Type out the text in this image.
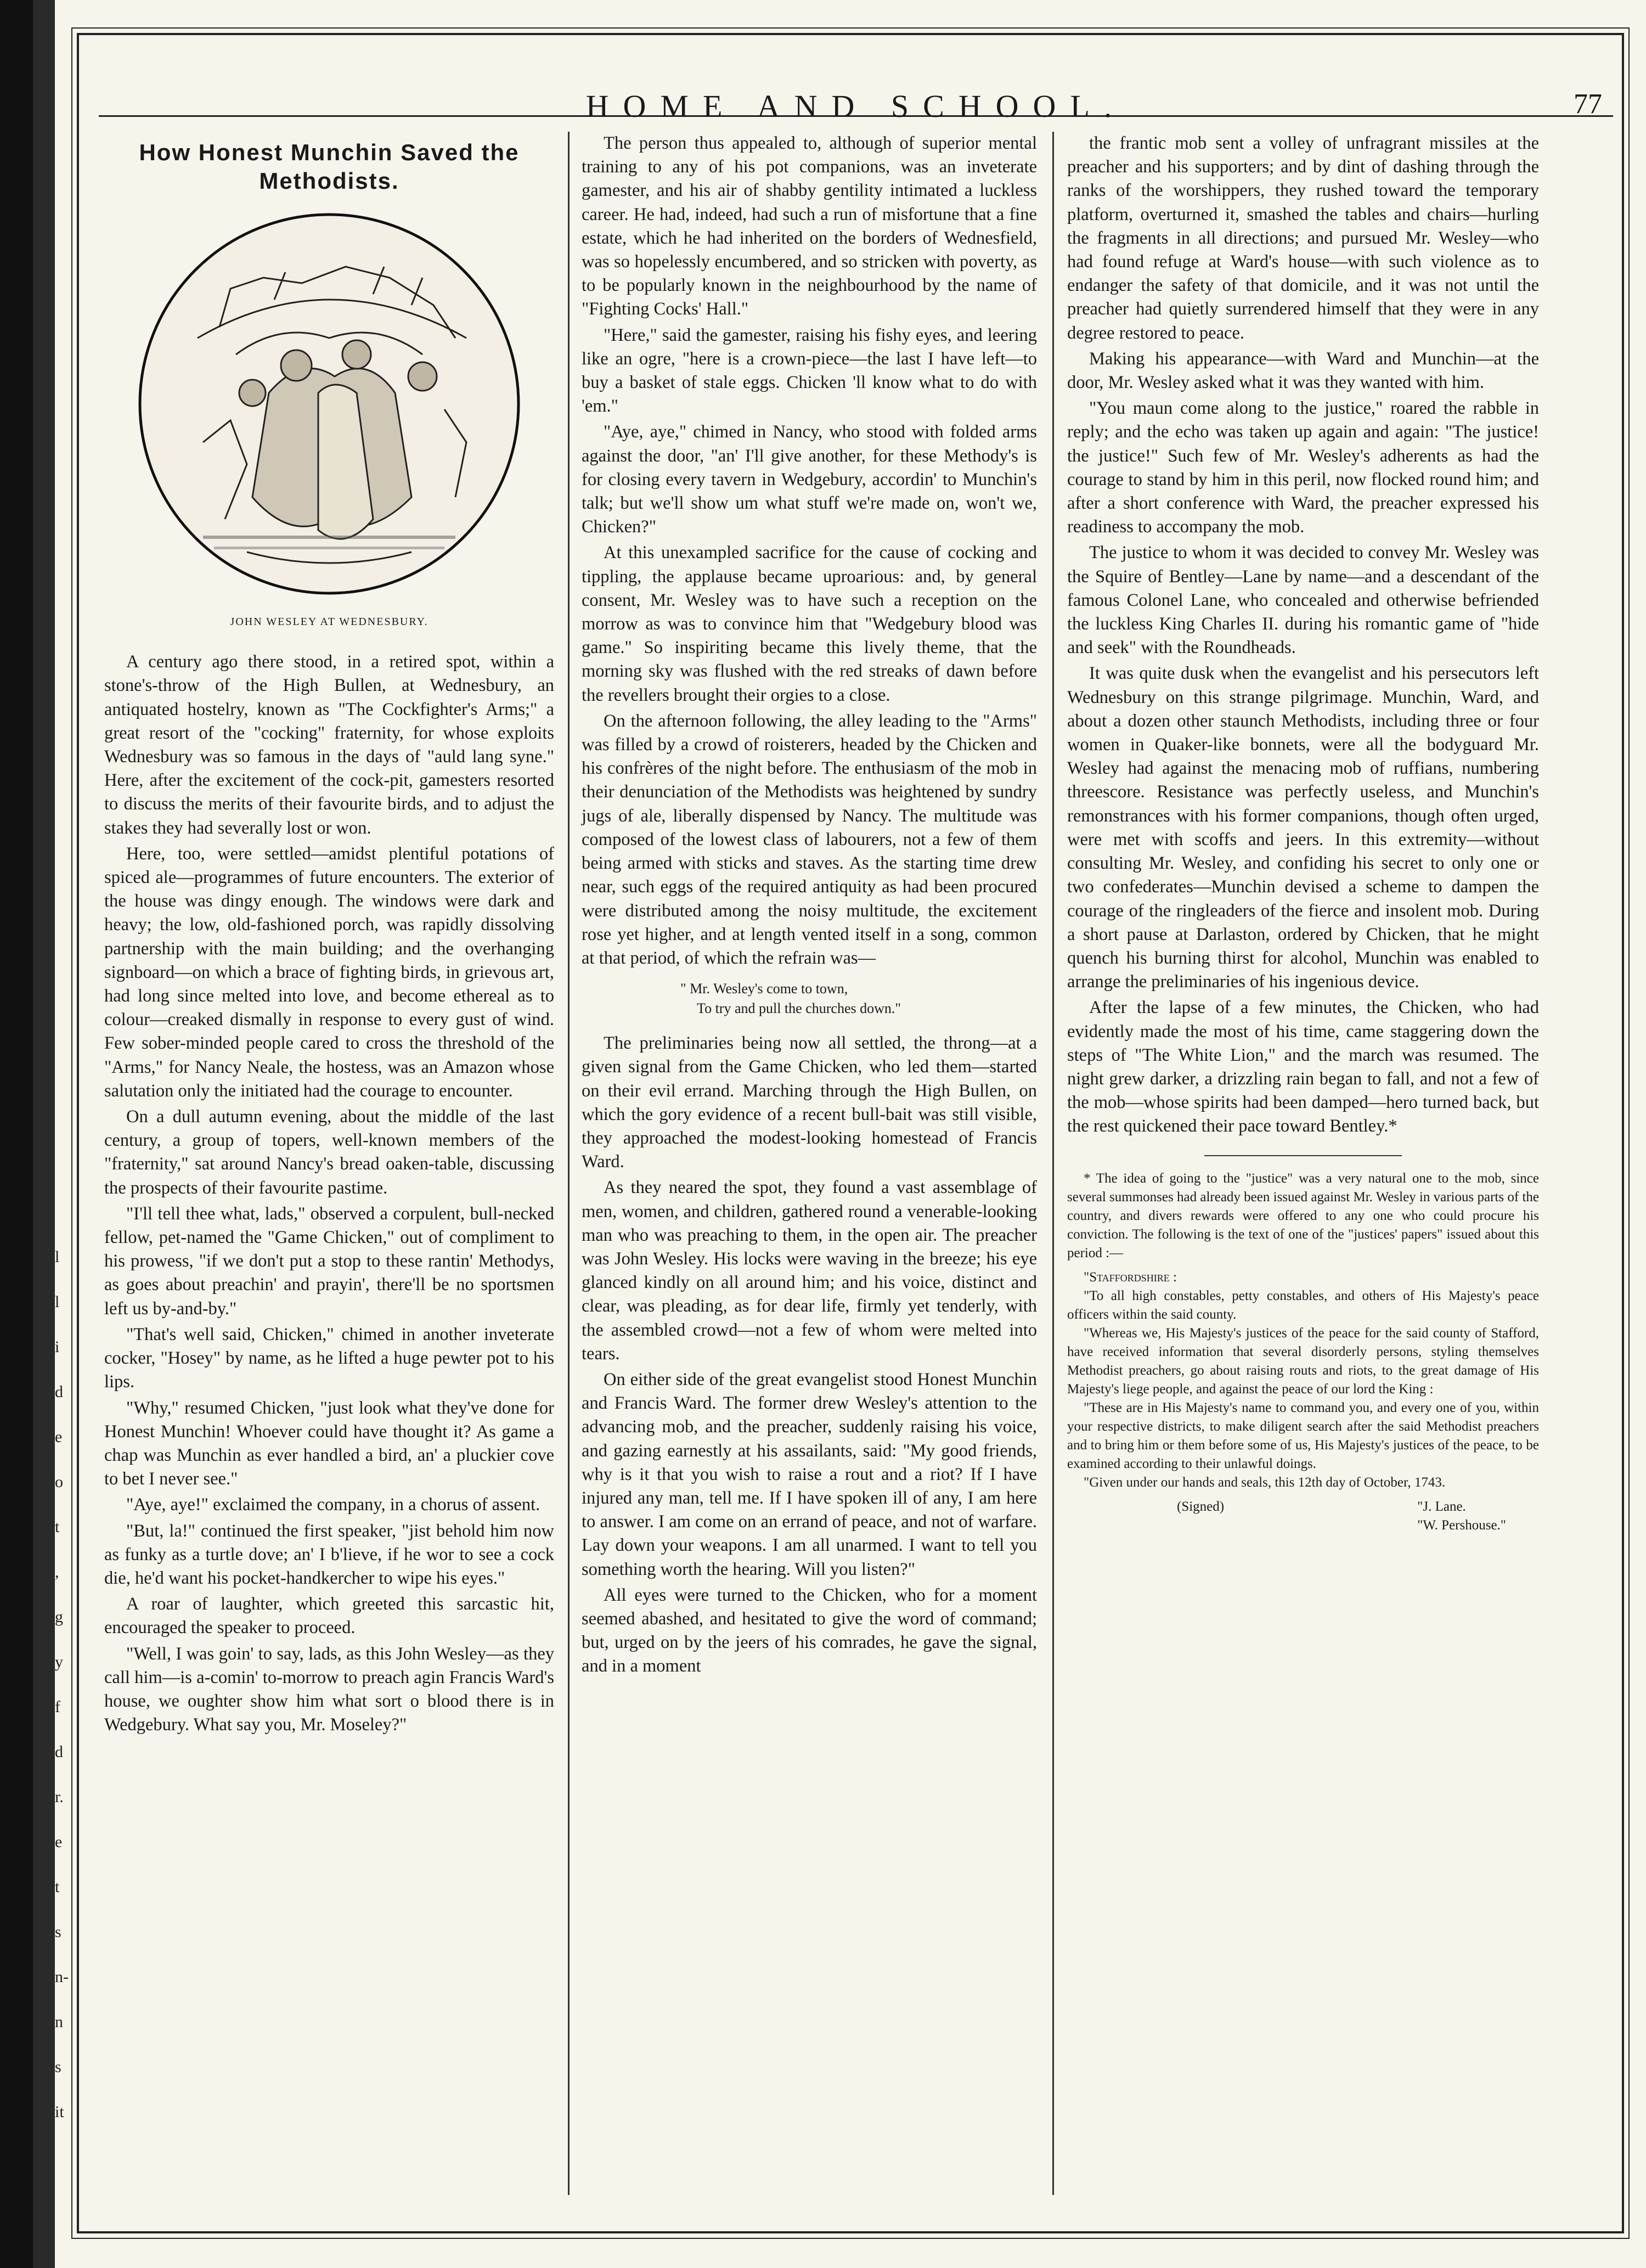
l
l
i
d
e
o
t
,
g
y
f
d
r.
e
t
s
n-
n
s
it
HOME AND SCHOOL.	77
How Honest Munchin Saved the Methodists.
JOHN WESLEY AT WEDNESBURY.

A century ago there stood, in a retired spot, within a stone's-throw of the High Bullen, at Wednesbury, an antiquated hostelry, known as "The Cockfighter's Arms;" a great resort of the "cocking" fraternity, for whose exploits Wednesbury was so famous in the days of "auld lang syne." Here, after the excitement of the cock-pit, gamesters resorted to discuss the merits of their favourite birds, and to adjust the stakes they had severally lost or won.

Here, too, were settled—amidst plentiful potations of spiced ale—programmes of future encounters. The exterior of the house was dingy enough. The windows were dark and heavy; the low, old-fashioned porch, was rapidly dissolving partnership with the main building; and the overhanging signboard—on which a brace of fighting birds, in grievous art, had long since melted into love, and become ethereal as to colour—creaked dismally in response to every gust of wind. Few sober-minded people cared to cross the threshold of the "Arms," for Nancy Neale, the hostess, was an Amazon whose salutation only the initiated had the courage to encounter.

On a dull autumn evening, about the middle of the last century, a group of topers, well-known members of the "fraternity," sat around Nancy's bread oaken-table, discussing the prospects of their favourite pastime.

"I'll tell thee what, lads," observed a corpulent, bull-necked fellow, pet-named the "Game Chicken," out of compliment to his prowess, "if we don't put a stop to these rantin' Methodys, as goes about preachin' and prayin', there'll be no sportsmen left us by-and-by."

"That's well said, Chicken," chimed in another inveterate cocker, "Hosey" by name, as he lifted a huge pewter pot to his lips.

"Why," resumed Chicken, "just look what they've done for Honest Munchin! Whoever could have thought it? As game a chap was Munchin as ever handled a bird, an' a pluckier cove to bet I never see."

"Aye, aye!" exclaimed the company, in a chorus of assent.

"But, la!" continued the first speaker, "jist behold him now as funky as a turtle dove; an' I b'lieve, if he wor to see a cock die, he'd want his pocket-handkercher to wipe his eyes."

A roar of laughter, which greeted this sarcastic hit, encouraged the speaker to proceed.

"Well, I was goin' to say, lads, as this John Wesley—as they call him—is a-comin' to-morrow to preach agin Francis Ward's house, we oughter show him what sort o blood there is in Wedgebury. What say you, Mr. Moseley?"

The person thus appealed to, although of superior mental training to any of his pot companions, was an inveterate gamester, and his air of shabby gentility intimated a luckless career. He had, indeed, had such a run of misfortune that a fine estate, which he had inherited on the borders of Wednesfield, was so hopelessly encumbered, and so stricken with poverty, as to be popularly known in the neighbourhood by the name of "Fighting Cocks' Hall."

"Here," said the gamester, raising his fishy eyes, and leering like an ogre, "here is a crown-piece—the last I have left—to buy a basket of stale eggs. Chicken 'll know what to do with 'em."

"Aye, aye," chimed in Nancy, who stood with folded arms against the door, "an' I'll give another, for these Methody's is for closing every tavern in Wedgebury, accordin' to Munchin's talk; but we'll show um what stuff we're made on, won't we, Chicken?"

At this unexampled sacrifice for the cause of cocking and tippling, the applause became uproarious: and, by general consent, Mr. Wesley was to have such a reception on the morrow as was to convince him that "Wedgebury blood was game." So inspiriting became this lively theme, that the morning sky was flushed with the red streaks of dawn before the revellers brought their orgies to a close.

On the afternoon following, the alley leading to the "Arms" was filled by a crowd of roisterers, headed by the Chicken and his confrères of the night before. The enthusiasm of the mob in their denunciation of the Methodists was heightened by sundry jugs of ale, liberally dispensed by Nancy. The multitude was composed of the lowest class of labourers, not a few of them being armed with sticks and staves. As the starting time drew near, such eggs of the required antiquity as had been procured were distributed among the noisy multitude, the excitement rose yet higher, and at length vented itself in a song, common at that period, of which the refrain was—

" Mr. Wesley's come to town,
To try and pull the churches down."

The preliminaries being now all settled, the throng—at a given signal from the Game Chicken, who led them—started on their evil errand. Marching through the High Bullen, on which the gory evidence of a recent bull-bait was still visible, they approached the modest-looking homestead of Francis Ward.

As they neared the spot, they found a vast assemblage of men, women, and children, gathered round a venerable-looking man who was preaching to them, in the open air. The preacher was John Wesley. His locks were waving in the breeze; his eye glanced kindly on all around him; and his voice, distinct and clear, was pleading, as for dear life, firmly yet tenderly, with the assembled crowd—not a few of whom were melted into tears.

On either side of the great evangelist stood Honest Munchin and Francis Ward. The former drew Wesley's attention to the advancing mob, and the preacher, suddenly raising his voice, and gazing earnestly at his assailants, said: "My good friends, why is it that you wish to raise a rout and a riot? If I have injured any man, tell me. If I have spoken ill of any, I am here to answer. I am come on an errand of peace, and not of warfare. Lay down your weapons. I am all unarmed. I want to tell you something worth the hearing. Will you listen?"

All eyes were turned to the Chicken, who for a moment seemed abashed, and hesitated to give the word of command; but, urged on by the jeers of his comrades, he gave the signal, and in a moment

the frantic mob sent a volley of unfragrant missiles at the preacher and his supporters; and by dint of dashing through the ranks of the worshippers, they rushed toward the temporary platform, overturned it, smashed the tables and chairs—hurling the fragments in all directions; and pursued Mr. Wesley—who had found refuge at Ward's house—with such violence as to endanger the safety of that domicile, and it was not until the preacher had quietly surrendered himself that they were in any degree restored to peace.

Making his appearance—with Ward and Munchin—at the door, Mr. Wesley asked what it was they wanted with him.

"You maun come along to the justice," roared the rabble in reply; and the echo was taken up again and again: "The justice! the justice!" Such few of Mr. Wesley's adherents as had the courage to stand by him in this peril, now flocked round him; and after a short conference with Ward, the preacher expressed his readiness to accompany the mob.

The justice to whom it was decided to convey Mr. Wesley was the Squire of Bentley—Lane by name—and a descendant of the famous Colonel Lane, who concealed and otherwise befriended the luckless King Charles II. during his romantic game of "hide and seek" with the Roundheads.

It was quite dusk when the evangelist and his persecutors left Wednesbury on this strange pilgrimage. Munchin, Ward, and about a dozen other staunch Methodists, including three or four women in Quaker-like bonnets, were all the bodyguard Mr. Wesley had against the menacing mob of ruffians, numbering threescore. Resistance was perfectly useless, and Munchin's remonstrances with his former companions, though often urged, were met with scoffs and jeers. In this extremity—without consulting Mr. Wesley, and confiding his secret to only one or two confederates—Munchin devised a scheme to dampen the courage of the ringleaders of the fierce and insolent mob. During a short pause at Darlaston, ordered by Chicken, that he might quench his burning thirst for alcohol, Munchin was enabled to arrange the preliminaries of his ingenious device.

After the lapse of a few minutes, the Chicken, who had evidently made the most of his time, came staggering down the steps of "The White Lion," and the march was resumed. The night grew darker, a drizzling rain began to fall, and not a few of the mob—whose spirits had been damped—hero turned back, but the rest quickened their pace toward Bentley.*

* The idea of going to the "justice" was a very natural one to the mob, since several summonses had already been issued against Mr. Wesley in various parts of the country, and divers rewards were offered to any one who could procure his conviction. The following is the text of one of the "justices' papers" issued about this period :—

"Staffordshire :

"To all high constables, petty constables, and others of His Majesty's peace officers within the said county.

"Whereas we, His Majesty's justices of the peace for the said county of Stafford, have received information that several disorderly persons, styling themselves Methodist preachers, go about raising routs and riots, to the great damage of His Majesty's liege people, and against the peace of our lord the King :

"These are in His Majesty's name to command you, and every one of you, within your respective districts, to make diligent search after the said Methodist preachers and to bring him or them before some of us, His Majesty's justices of the peace, to be examined according to their unlawful doings.

"Given under our hands and seals, this 12th day of October, 1743.

(Signed)	"J. Lane.
"W. Pershouse."
